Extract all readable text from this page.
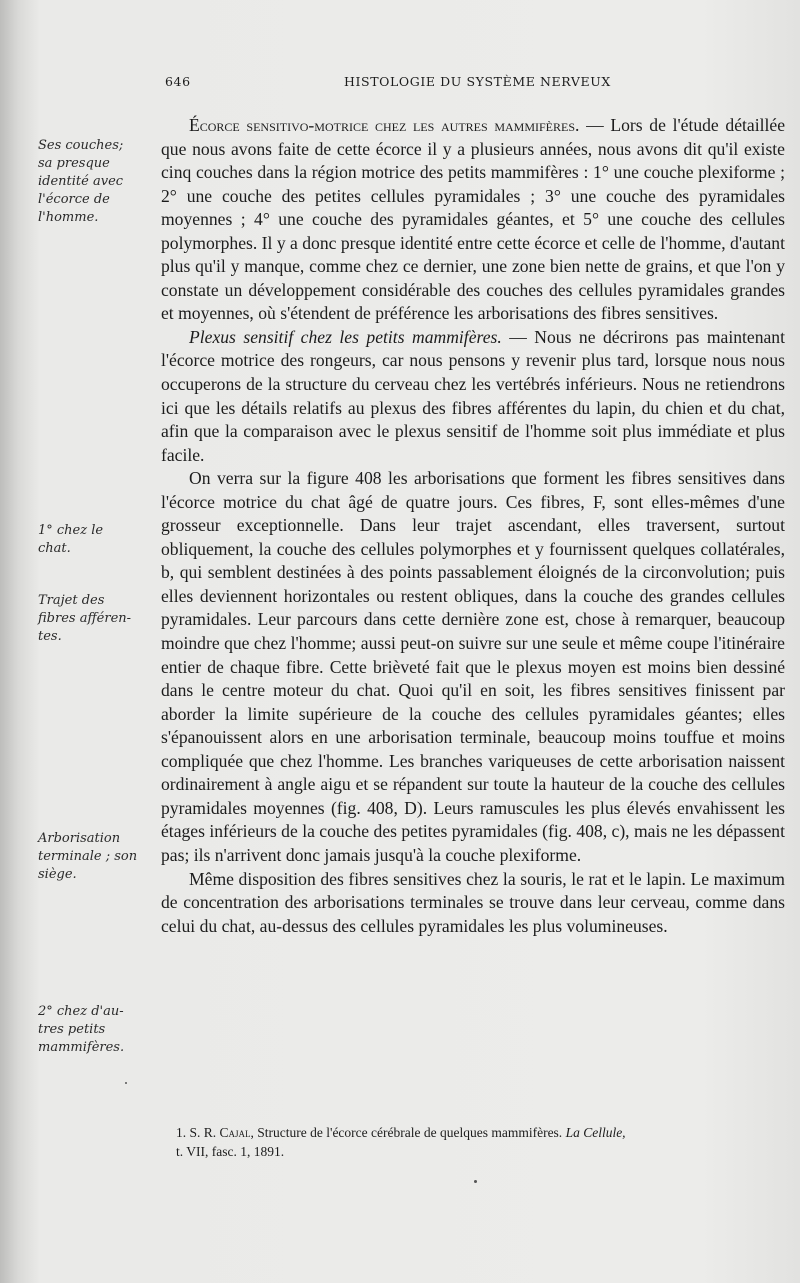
646	HISTOLOGIE DU SYSTÈME NERVEUX
Ses couches;
sa presque
identité avec
l'écorce de
l'homme.
1° chez le
chat.
Trajet des
fibres afféren-
tes.
Arborisation
terminale ; son
siège.
2° chez d'au-
tres petits
mammifères.

Écorce sensitivo-motrice chez les autres mammifères. — Lors de l'étude détaillée que nous avons faite de cette écorce il y a plusieurs années, nous avons dit qu'il existe cinq couches dans la région motrice des petits mammifères : 1° une couche plexiforme ; 2° une couche des petites cellules pyramidales ; 3° une couche des pyramidales moyennes ; 4° une couche des pyramidales géantes, et 5° une couche des cellules polymorphes. Il y a donc presque identité entre cette écorce et celle de l'homme, d'autant plus qu'il y manque, comme chez ce dernier, une zone bien nette de grains, et que l'on y constate un développement considérable des couches des cellules pyramidales grandes et moyennes, où s'étendent de préférence les arborisations des fibres sensitives.

Plexus sensitif chez les petits mammifères. — Nous ne décrirons pas maintenant l'écorce motrice des rongeurs, car nous pensons y revenir plus tard, lorsque nous nous occuperons de la structure du cerveau chez les vertébrés inférieurs. Nous ne retiendrons ici que les détails relatifs au plexus des fibres afférentes du lapin, du chien et du chat, afin que la comparaison avec le plexus sensitif de l'homme soit plus immédiate et plus facile.

On verra sur la figure 408 les arborisations que forment les fibres sensitives dans l'écorce motrice du chat âgé de quatre jours. Ces fibres, F, sont elles-mêmes d'une grosseur exceptionnelle. Dans leur trajet ascendant, elles traversent, surtout obliquement, la couche des cellules polymorphes et y fournissent quelques collatérales, b, qui semblent destinées à des points passablement éloignés de la circonvolution; puis elles deviennent horizontales ou restent obliques, dans la couche des grandes cellules pyramidales. Leur parcours dans cette dernière zone est, chose à remarquer, beaucoup moindre que chez l'homme; aussi peut-on suivre sur une seule et même coupe l'itinéraire entier de chaque fibre. Cette brièveté fait que le plexus moyen est moins bien dessiné dans le centre moteur du chat. Quoi qu'il en soit, les fibres sensitives finissent par aborder la limite supérieure de la couche des cellules pyramidales géantes; elles s'épanouissent alors en une arborisation terminale, beaucoup moins touffue et moins compliquée que chez l'homme. Les branches variqueuses de cette arborisation naissent ordinairement à angle aigu et se répandent sur toute la hauteur de la couche des cellules pyramidales moyennes (fig. 408, D). Leurs ramuscules les plus élevés envahissent les étages inférieurs de la couche des petites pyramidales (fig. 408, c), mais ne les dépassent pas; ils n'arrivent donc jamais jusqu'à la couche plexiforme.

Même disposition des fibres sensitives chez la souris, le rat et le lapin. Le maximum de concentration des arborisations terminales se trouve dans leur cerveau, comme dans celui du chat, au-dessus des cellules pyramidales les plus volumineuses.

1. S. R. Cajal, Structure de l'écorce cérébrale de quelques mammifères. La Cellule,
t. VII, fasc. 1, 1891.
